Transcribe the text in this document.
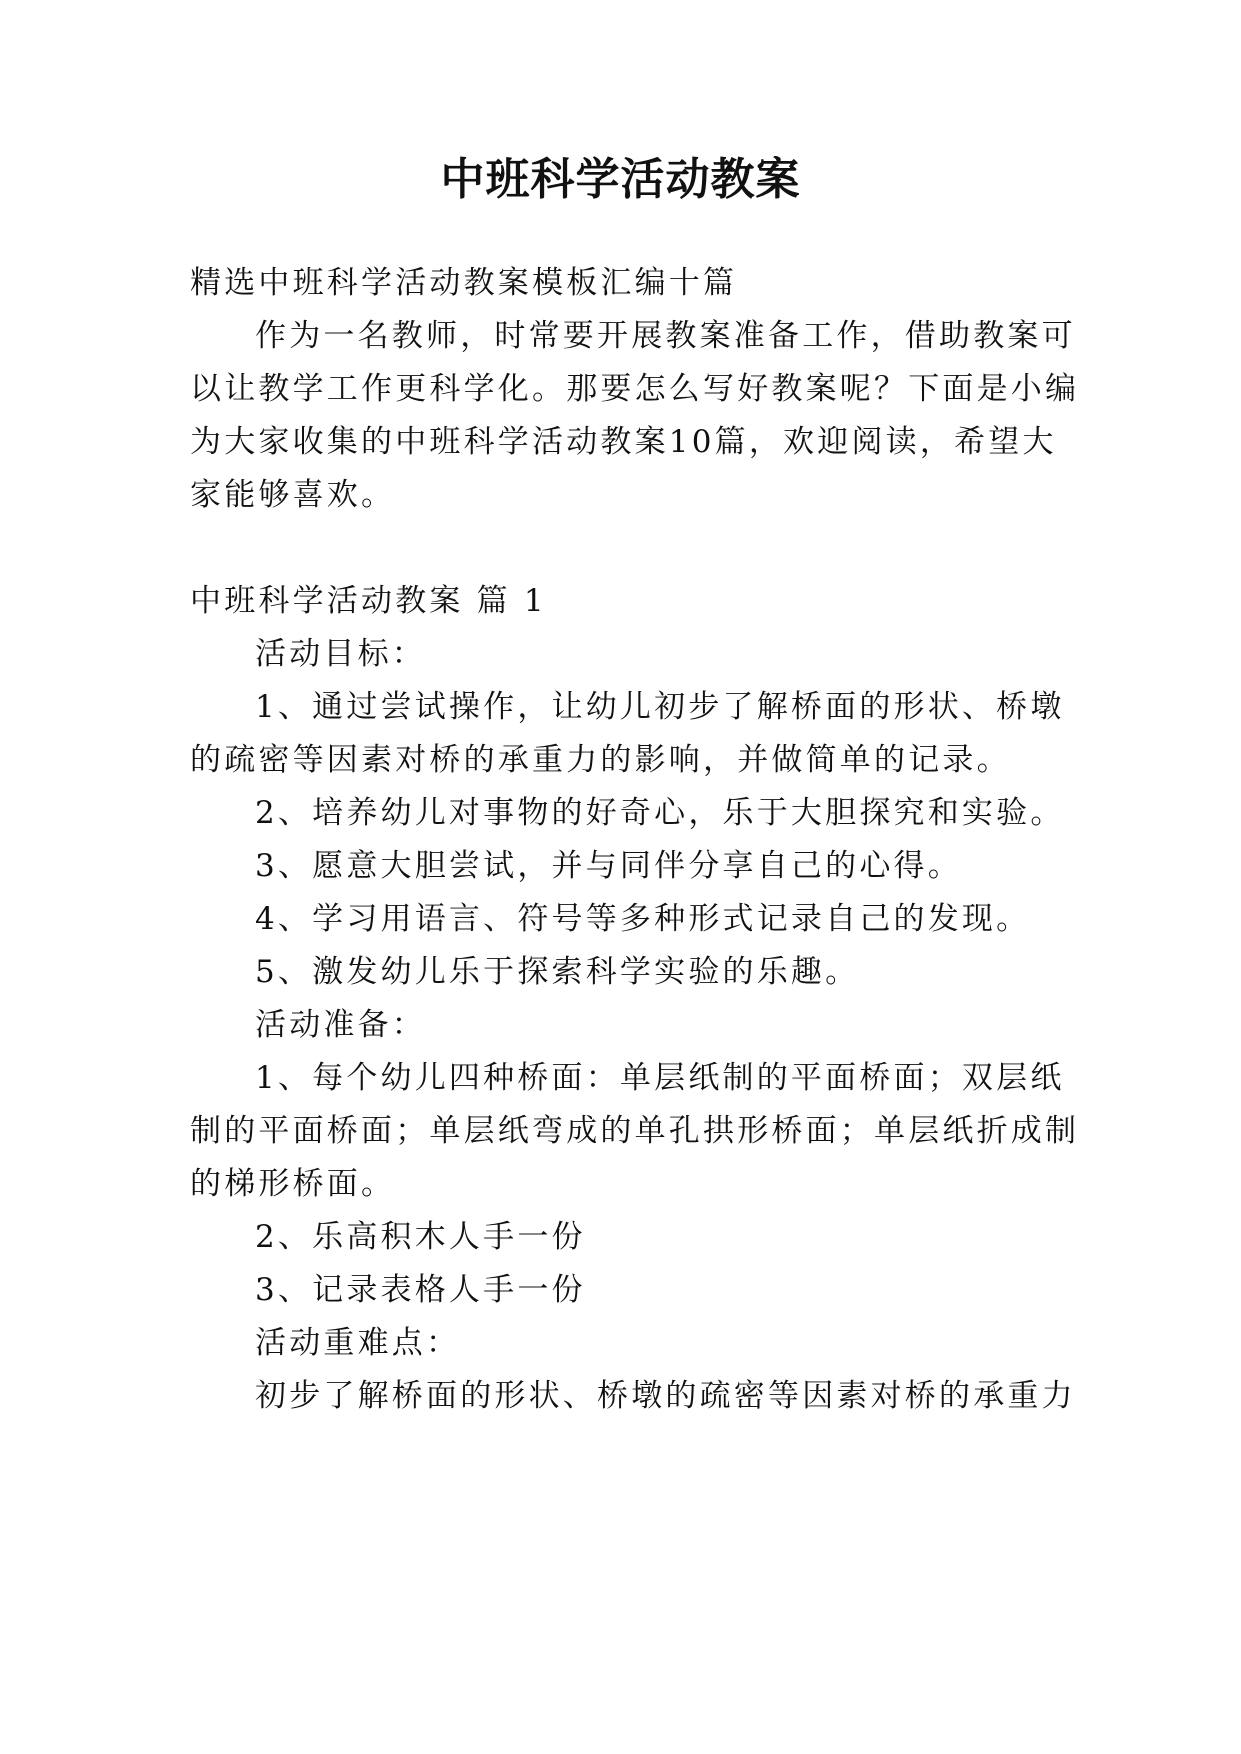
中班科学活动教案
精选中班科学活动教案模板汇编十篇
作为一名教师，时常要开展教案准备工作，借助教案可
以让教学工作更科学化。那要怎么写好教案呢？下面是小编
为大家收集的中班科学活动教案10篇，欢迎阅读，希望大
家能够喜欢。
中班科学活动教案 篇 1
活动目标：
1、通过尝试操作，让幼儿初步了解桥面的形状、桥墩
的疏密等因素对桥的承重力的影响，并做简单的记录。
2、培养幼儿对事物的好奇心，乐于大胆探究和实验。
3、愿意大胆尝试，并与同伴分享自己的心得。
4、学习用语言、符号等多种形式记录自己的发现。
5、激发幼儿乐于探索科学实验的乐趣。
活动准备：
1、每个幼儿四种桥面：单层纸制的平面桥面；双层纸
制的平面桥面；单层纸弯成的单孔拱形桥面；单层纸折成制
的梯形桥面。
2、乐高积木人手一份
3、记录表格人手一份
活动重难点：
初步了解桥面的形状、桥墩的疏密等因素对桥的承重力
